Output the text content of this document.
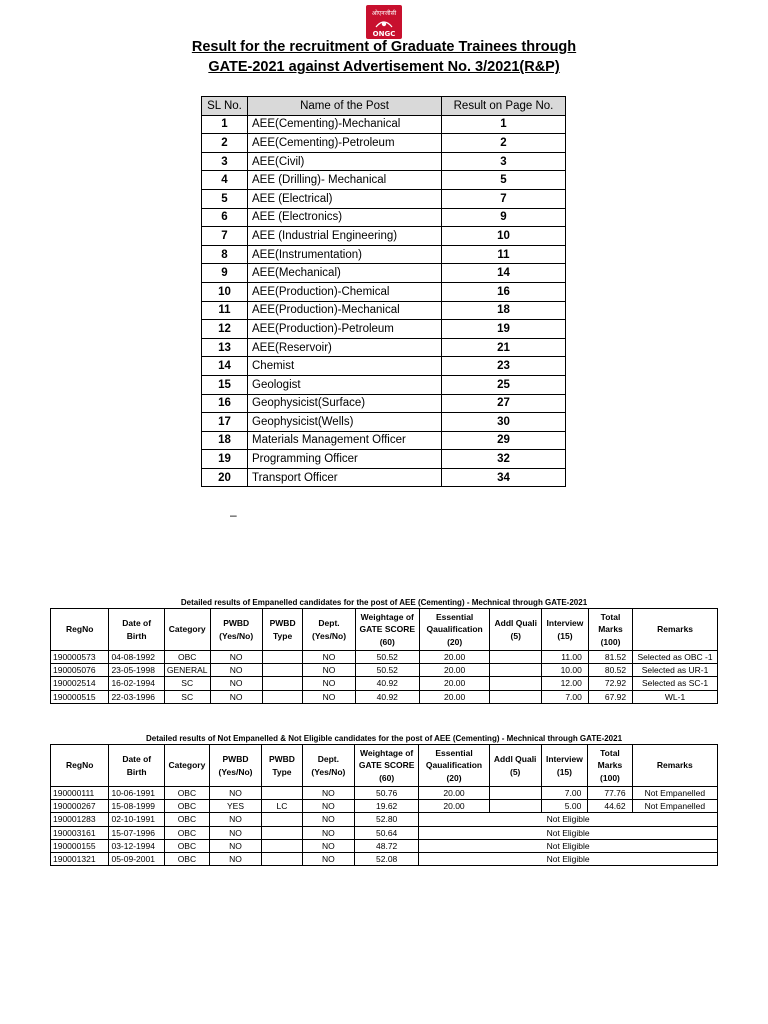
ओएनजीसी
ONGC
Result for the recruitment of Graduate Trainees through
GATE-2021 against Advertisement No. 3/2021(R&P)
SL No.	Name of the Post	Result on Page No.
1	AEE(Cementing)-Mechanical	1
2	AEE(Cementing)-Petroleum	2
3	AEE(Civil)	3
4	AEE (Drilling)- Mechanical	5
5	AEE (Electrical)	7
6	AEE (Electronics)	9
7	AEE (Industrial Engineering)	10
8	AEE(Instrumentation)	11
9	AEE(Mechanical)	14
10	AEE(Production)-Chemical	16
11	AEE(Production)-Mechanical	18
12	AEE(Production)-Petroleum	19
13	AEE(Reservoir)	21
14	Chemist	23
15	Geologist	25
16	Geophysicist(Surface)	27
17	Geophysicist(Wells)	30
18	Materials Management Officer	29
19	Programming Officer	32
20	Transport Officer	34
–
Detailed results of Empanelled candidates for the post of AEE (Cementing) - Mechnical through GATE-2021
RegNo	Date of Birth	Category	PWBD (Yes/No)	PWBD Type	Dept. (Yes/No)	Weightage of GATE SCORE (60)	Essential Qaualification (20)	Addl Quali (5)	Interview (15)	Total Marks (100)	Remarks
190000573	04-08-1992	OBC	NO		NO	50.52	20.00		11.00	81.52	Selected as OBC -1
190005076	23-05-1998	GENERAL	NO		NO	50.52	20.00		10.00	80.52	Selected as UR-1
190002514	16-02-1994	SC	NO		NO	40.92	20.00		12.00	72.92	Selected as SC-1
190000515	22-03-1996	SC	NO		NO	40.92	20.00		7.00	67.92	WL-1
Detailed results of Not Empanelled & Not Eligible candidates for the post of AEE (Cementing) - Mechnical through GATE-2021
RegNo	Date of Birth	Category	PWBD (Yes/No)	PWBD Type	Dept. (Yes/No)	Weightage of GATE SCORE (60)	Essential Qaualification (20)	Addl Quali (5)	Interview (15)	Total Marks (100)	Remarks
190000111	10-06-1991	OBC	NO		NO	50.76	20.00		7.00	77.76	Not Empanelled
190000267	15-08-1999	OBC	YES	LC	NO	19.62	20.00		5.00	44.62	Not Empanelled
190001283	02-10-1991	OBC	NO		NO	52.80	Not Eligible				
190003161	15-07-1996	OBC	NO		NO	50.64	Not Eligible				
190000155	03-12-1994	OBC	NO		NO	48.72	Not Eligible				
190001321	05-09-2001	OBC	NO		NO	52.08	Not Eligible				
